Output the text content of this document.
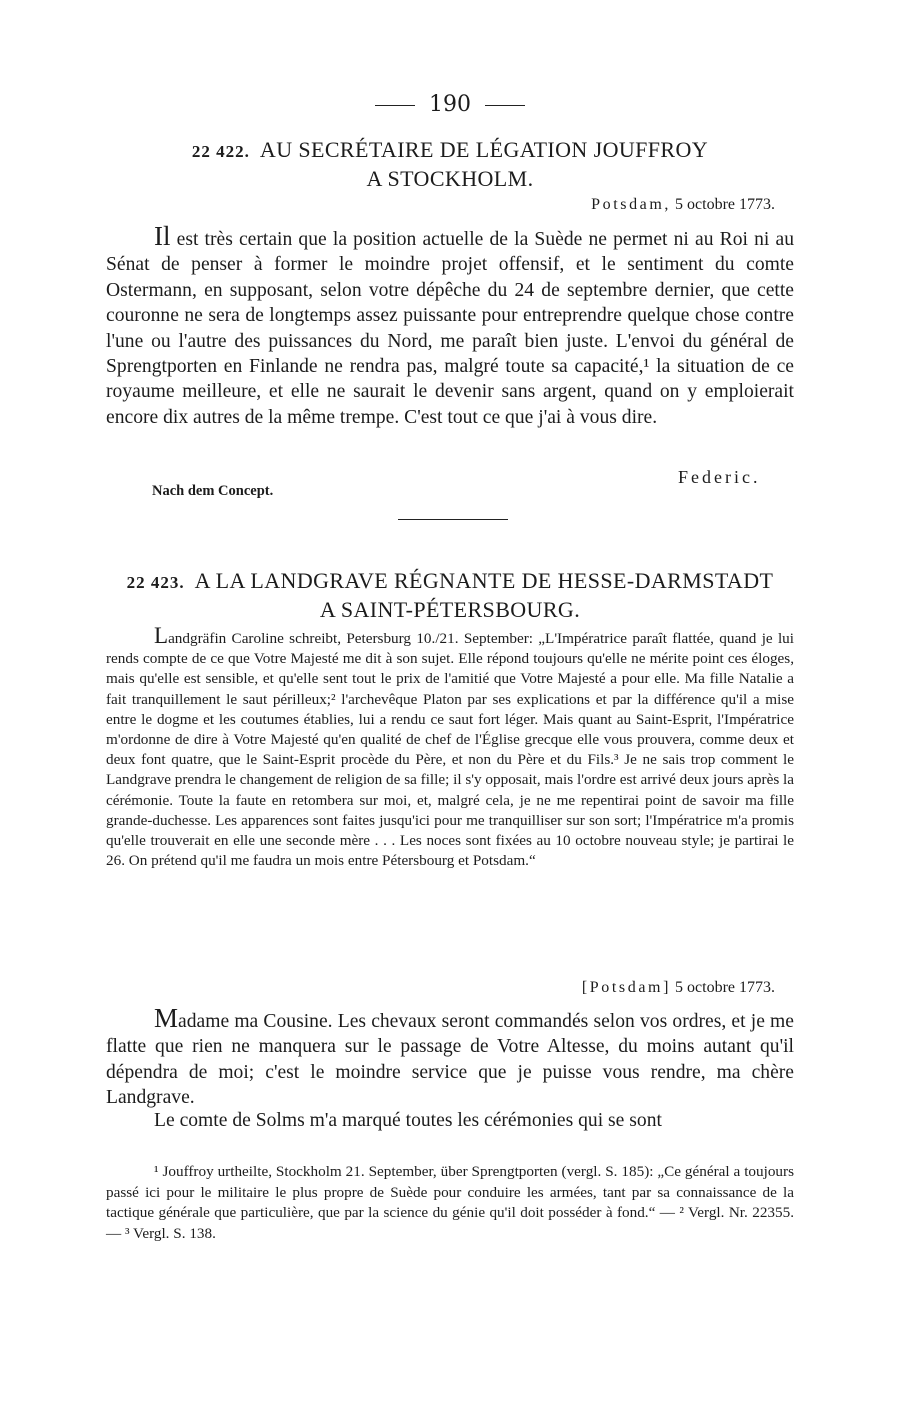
190
22 422. AU SECRÉTAIRE DE LÉGATION JOUFFROY
A STOCKHOLM.
Potsdam, 5 octobre 1773.

Il est très certain que la position actuelle de la Suède ne permet ni au Roi ni au Sénat de penser à former le moindre projet offensif, et le sentiment du comte Ostermann, en supposant, selon votre dépêche du 24 de septembre dernier, que cette couronne ne sera de longtemps assez puissante pour entreprendre quelque chose contre l'une ou l'autre des puissances du Nord, me paraît bien juste. L'envoi du général de Sprengtporten en Finlande ne rendra pas, malgré toute sa capacité,¹ la situation de ce royaume meilleure, et elle ne saurait le devenir sans argent, quand on y emploierait encore dix autres de la même trempe. C'est tout ce que j'ai à vous dire.

Federic.
Nach dem Concept.
22 423. A LA LANDGRAVE RÉGNANTE DE HESSE-DARMSTADT
A SAINT-PÉTERSBOURG.

Landgräfin Caroline schreibt, Petersburg 10./21. September: „L'Impératrice paraît flattée, quand je lui rends compte de ce que Votre Majesté me dit à son sujet. Elle répond toujours qu'elle ne mérite point ces éloges, mais qu'elle est sensible, et qu'elle sent tout le prix de l'amitié que Votre Majesté a pour elle. Ma fille Natalie a fait tranquillement le saut périlleux;² l'archevêque Platon par ses explications et par la différence qu'il a mise entre le dogme et les coutumes établies, lui a rendu ce saut fort léger. Mais quant au Saint-Esprit, l'Impératrice m'ordonne de dire à Votre Majesté qu'en qualité de chef de l'Église grecque elle vous prouvera, comme deux et deux font quatre, que le Saint-Esprit procède du Père, et non du Père et du Fils.³ Je ne sais trop comment le Landgrave prendra le changement de religion de sa fille; il s'y opposait, mais l'ordre est arrivé deux jours après la cérémonie. Toute la faute en retombera sur moi, et, malgré cela, je ne me repentirai point de savoir ma fille grande-duchesse. Les apparences sont faites jusqu'ici pour me tranquilliser sur son sort; l'Impératrice m'a promis qu'elle trouverait en elle une seconde mère . . . Les noces sont fixées au 10 octobre nouveau style; je partirai le 26. On prétend qu'il me faudra un mois entre Pétersbourg et Potsdam.“

[Potsdam] 5 octobre 1773.

Madame ma Cousine. Les chevaux seront commandés selon vos ordres, et je me flatte que rien ne manquera sur le passage de Votre Altesse, du moins autant qu'il dépendra de moi; c'est le moindre service que je puisse vous rendre, ma chère Landgrave.

Le comte de Solms m'a marqué toutes les cérémonies qui se sont

¹ Jouffroy urtheilte, Stockholm 21. September, über Sprengtporten (vergl. S. 185): „Ce général a toujours passé ici pour le militaire le plus propre de Suède pour conduire les armées, tant par sa connaissance de la tactique générale que particulière, que par la science du génie qu'il doit posséder à fond.“ — ² Vergl. Nr. 22355. — ³ Vergl. S. 138.
